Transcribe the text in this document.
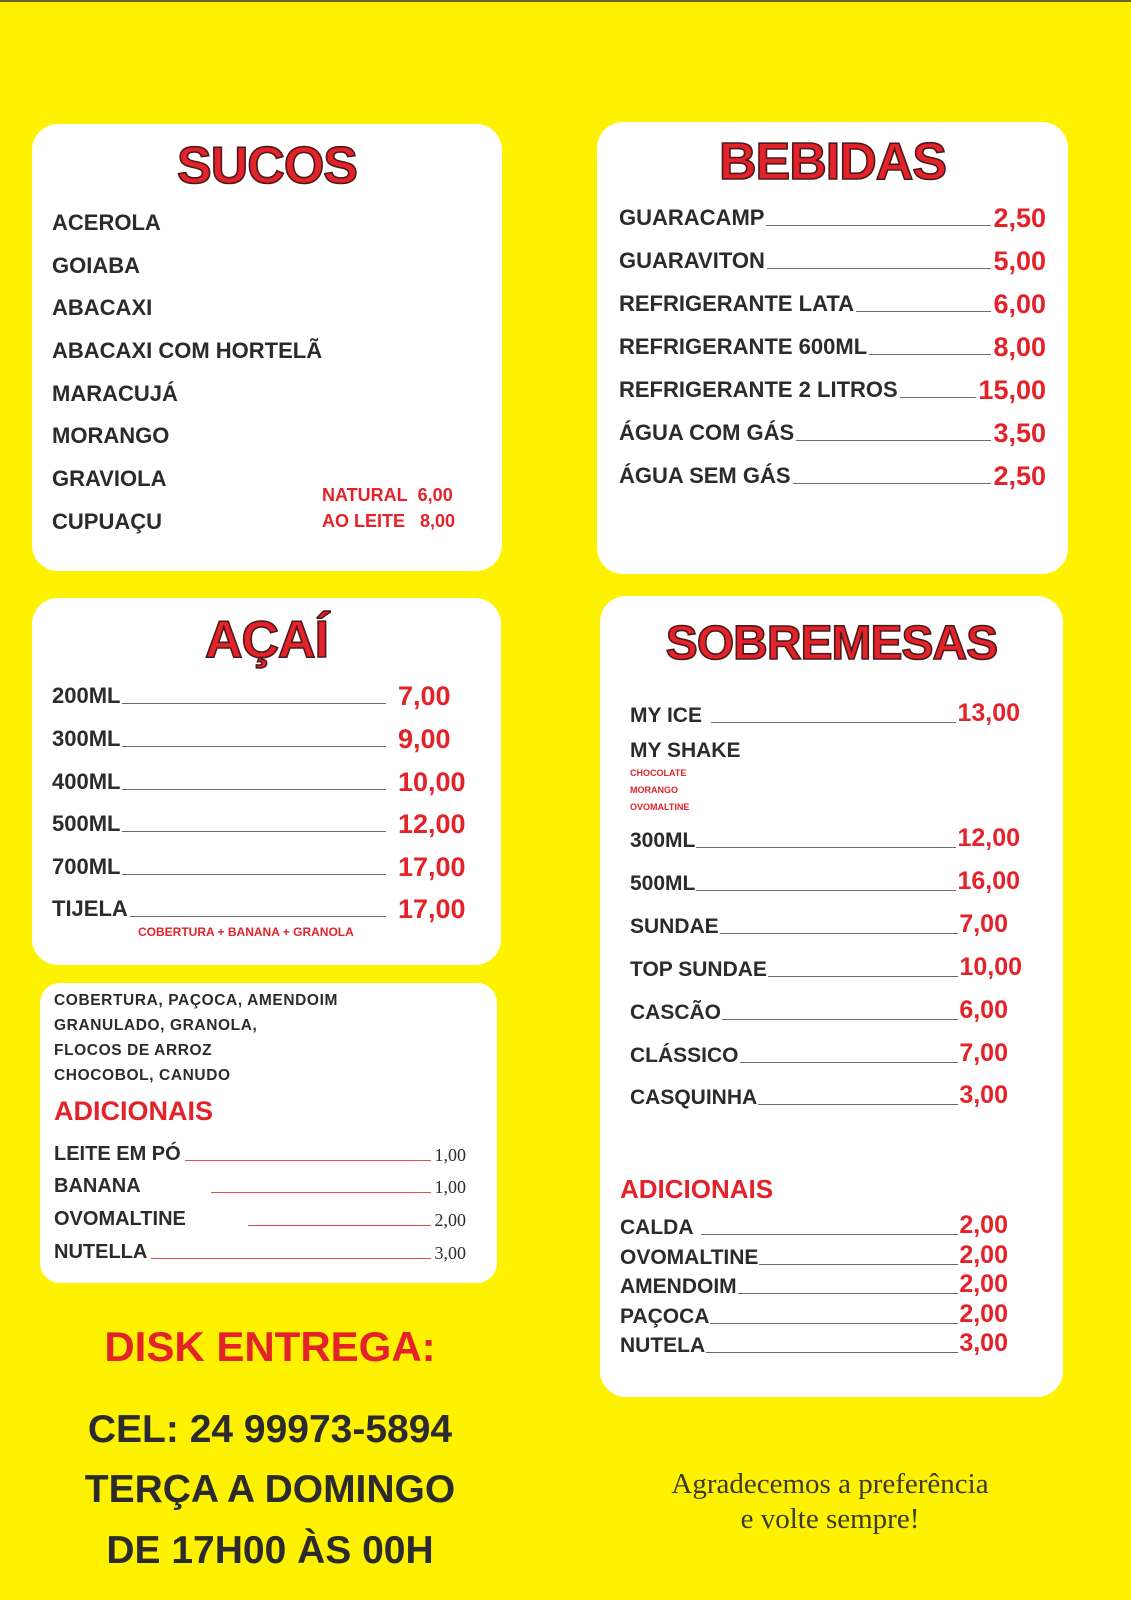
SUCOS
ACEROLA
GOIABA
ABACAXI
ABACAXI COM HORTELÃ
MARACUJÁ
MORANGO
GRAVIOLA
CUPUAÇU
NATURAL 6,00
AO LEITE 8,00
BEBIDAS
GUARACAMP	2,50
GUARAVITON	5,00
REFRIGERANTE LATA	6,00
REFRIGERANTE 600ML	8,00
REFRIGERANTE 2 LITROS	15,00
ÁGUA COM GÁS	3,50
ÁGUA SEM GÁS	2,50
AÇAÍ
200ML	7,00
300ML	9,00
400ML	10,00
500ML	12,00
700ML	17,00
TIJELA	17,00
COBERTURA + BANANA + GRANOLA
COBERTURA, PAÇOCA, AMENDOIM
GRANULADO, GRANOLA,
FLOCOS DE ARROZ
CHOCOBOL, CANUDO
ADICIONAIS
LEITE EM PÓ	1,00
BANANA	1,00
OVOMALTINE	2,00
NUTELLA	3,00
SOBREMESAS
MY ICE	13,00
MY SHAKE
CHOCOLATE
MORANGO
OVOMALTINE
300ML	12,00
500ML	16,00
SUNDAE	7,00
TOP SUNDAE	10,00
CASCÃO	6,00
CLÁSSICO	7,00
CASQUINHA	3,00
ADICIONAIS
CALDA	2,00
OVOMALTINE	2,00
AMENDOIM	2,00
PAÇOCA	2,00
NUTELA	3,00
DISK ENTREGA:
CEL: 24 99973-5894
TERÇA A DOMINGO
DE 17H00 ÀS 00H
Agradecemos a preferência
e volte sempre!
